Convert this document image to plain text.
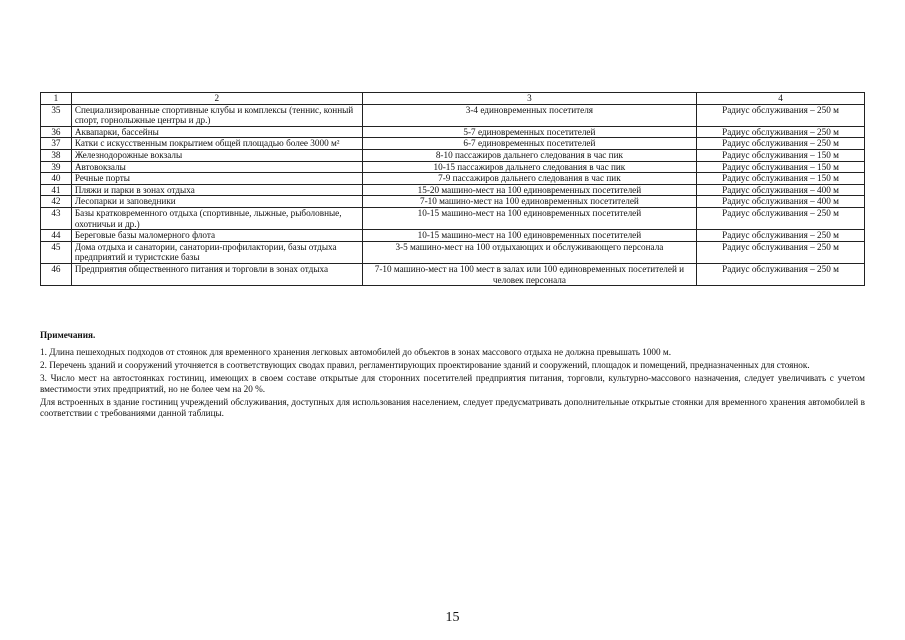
1	2	3	4
35	Специализированные спортивные клубы и комплексы (теннис, конный спорт, горнолыжные центры и др.)	3-4 единовременных посетителя	Радиус обслуживания – 250 м
36	Аквапарки, бассейны	5-7 единовременных посетителей	Радиус обслуживания – 250 м
37	Катки с искусственным покрытием общей площадью более 3000 м²	6-7 единовременных посетителей	Радиус обслуживания – 250 м
38	Железнодорожные вокзалы	8-10 пассажиров дальнего следования в час пик	Радиус обслуживания – 150 м
39	Автовокзалы	10-15 пассажиров дальнего следования в час пик	Радиус обслуживания – 150 м
40	Речные порты	7-9 пассажиров дальнего следования в час пик	Радиус обслуживания – 150 м
41	Пляжи и парки в зонах отдыха	15-20 машино-мест на 100 единовременных посетителей	Радиус обслуживания – 400 м
42	Лесопарки и заповедники	7-10 машино-мест на 100 единовременных посетителей	Радиус обслуживания – 400 м
43	Базы кратковременного отдыха (спортивные, лыжные, рыболовные, охотничьи и др.)	10-15 машино-мест на 100 единовременных посетителей	Радиус обслуживания – 250 м
44	Береговые базы маломерного флота	10-15 машино-мест на 100 единовременных посетителей	Радиус обслуживания – 250 м
45	Дома отдыха и санатории, санатории-профилактории, базы отдыха предприятий и туристские базы	3-5 машино-мест на 100 отдыхающих и обслуживающего персонала	Радиус обслуживания – 250 м
46	Предприятия общественного питания и торговли в зонах отдыха	7-10 машино-мест на 100 мест в залах или 100 единовременных посетителей и человек персонала	Радиус обслуживания – 250 м
Примечания.

1. Длина пешеходных подходов от стоянок для временного хранения легковых автомобилей до объектов в зонах массового отдыха не должна превышать 1000 м.

2. Перечень зданий и сооружений уточняется в соответствующих сводах правил, регламентирующих проектирование зданий и сооружений, площадок и помещений, предназначенных для стоянок.

3. Число мест на автостоянках гостиниц, имеющих в своем составе открытые для сторонних посетителей предприятия питания, торговли, культурно-массового назначения, следует увеличивать с учетом вместимости этих предприятий, но не более чем на 20 %.

Для встроенных в здание гостиниц учреждений обслуживания, доступных для использования населением, следует предусматривать дополнительные открытые стоянки для временного хранения автомобилей в соответствии с требованиями данной таблицы.

15
